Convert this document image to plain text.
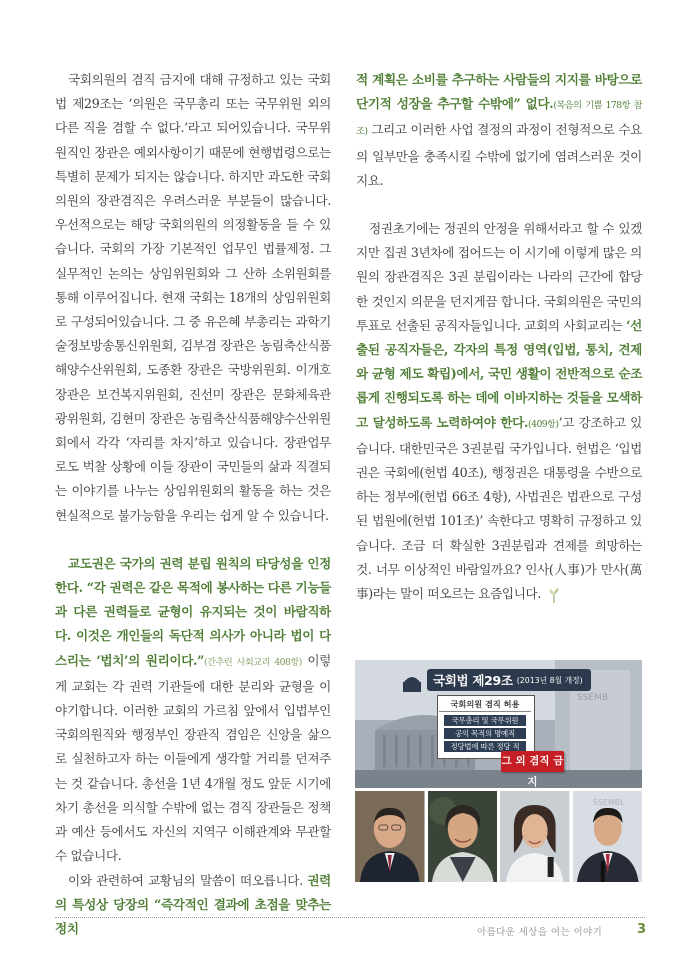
국회의원의 겸직 금지에 대해 규정하고 있는 국회법 제29조는 ‘의원은 국무총리 또는 국무위원 외의 다른 직을 겸할 수 없다.’라고 되어있습니다. 국무위원직인 장관은 예외사항이기 때문에 현행법령으로는 특별히 문제가 되지는 않습니다. 하지만 과도한 국회의원의 장관겸직은 우려스러운 부분들이 많습니다. 우선적으로는 해당 국회의원의 의정활동을 들 수 있습니다. 국회의 가장 기본적인 업무인 법률제정. 그 실무적인 논의는 상임위원회와 그 산하 소위원회를 통해 이루어집니다. 현재 국회는 18개의 상임위원회로 구성되어있습니다. 그 중 유은혜 부총리는 과학기술정보방송통신위원회, 김부겸 장관은 농림축산식품해양수산위원회, 도종환 장관은 국방위원회. 이개호 장관은 보건복지위원회, 진선미 장관은 문화체육관광위원회, 김현미 장관은 농림축산식품해양수산위원회에서 각각 ‘자리를 차지’하고 있습니다. 장관업무로도 벅찰 상황에 이들 장관이 국민들의 삶과 직결되는 이야기를 나누는 상임위원회의 활동을 하는 것은 현실적으로 불가능함을 우리는 쉽게 알 수 있습니다.

교도권은 국가의 권력 분립 원칙의 타당성을 인정한다. “각 권력은 같은 목적에 봉사하는 다른 기능들과 다른 권력들로 균형이 유지되는 것이 바람직하다. 이것은 개인들의 독단적 의사가 아니라 법이 다스리는 ‘법치’의 원리이다.”(간추린 사회교리 408항) 이렇게 교회는 각 권력 기관들에 대한 분리와 균형을 이야기합니다. 이러한 교회의 가르침 앞에서 입법부인 국회의원직와 행정부인 장관직 겸임은 신앙을 삶으로 실천하고자 하는 이들에게 생각할 거리를 던져주는 것 같습니다. 총선을 1년 4개월 정도 앞둔 시기에 차기 총선을 의식할 수밖에 없는 겸직 장관들은 정책과 예산 등에서도 자신의 지역구 이해관계와 무관할 수 없습니다.

이와 관련하여 교황님의 말씀이 떠오릅니다. 권력의 특성상 당장의 “즉각적인 결과에 초점을 맞추는 정치

적 계획은 소비를 추구하는 사람들의 지지를 바탕으로 단기적 성장을 추구할 수밖에” 없다.(복음의 기쁨 178항 참조) 그리고 이러한 사업 결정의 과정이 전형적으로 수요의 일부만을 충족시킬 수밖에 없기에 염려스러운 것이지요.

정권초기에는 정권의 안정을 위해서라고 할 수 있겠지만 집권 3년차에 접어드는 이 시기에 이렇게 많은 의원의 장관겸직은 3권 분립이라는 나라의 근간에 합당한 것인지 의문을 던지게끔 합니다. 국회의원은 국민의 투표로 선출된 공직자들입니다. 교회의 사회교리는 ‘선출된 공직자들은, 각자의 특정 영역(입법, 통치, 견제와 균형 제도 확립)에서, 국민 생활이 전반적으로 순조롭게 진행되도록 하는 데에 이바지하는 것들을 모색하고 달성하도록 노력하여야 한다.(409항)’고 강조하고 있습니다. 대한민국은 3권분립 국가입니다. 헌법은 ‘입법권은 국회에(헌법 40조), 행정권은 대통령을 수반으로 하는 정부에(헌법 66조 4항), 사법권은 법관으로 구성된 법원에(헌법 101조)’ 속한다고 명확히 규정하고 있습니다. 조금 더 확실한 3권분립과 견제를 희망하는 것. 너무 이상적인 바람일까요? 인사(人事)가 만사(萬事)라는 말이 떠오르는 요즘입니다.

SSEMB
국회법 제29조 (2013년 8월 개정)
국회의원 겸직 허용
국무총리 및 국무위원
공익 목적의 명예직
정당법에 따른 정당 직
그 외 겸직 금지
SSEMBL
아름다운 세상을 여는 이야기	3
